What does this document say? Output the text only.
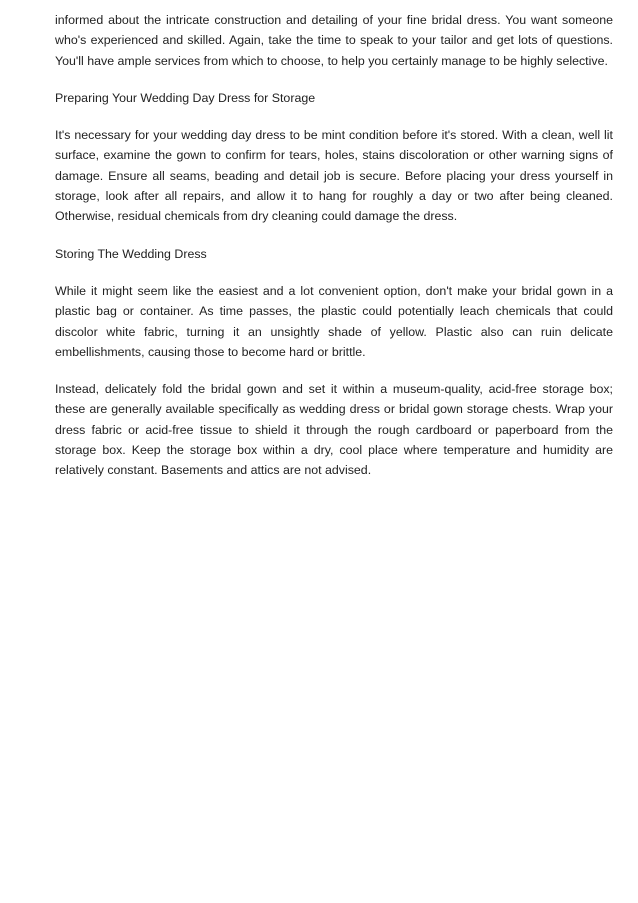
informed about the intricate construction and detailing of your fine bridal dress. You want someone who's experienced and skilled. Again, take the time to speak to your tailor and get lots of questions. You'll have ample services from which to choose, to help you certainly manage to be highly selective.

Preparing Your Wedding Day Dress for Storage

It's necessary for your wedding day dress to be mint condition before it's stored. With a clean, well lit surface, examine the gown to confirm for tears, holes, stains discoloration or other warning signs of damage. Ensure all seams, beading and detail job is secure. Before placing your dress yourself in storage, look after all repairs, and allow it to hang for roughly a day or two after being cleaned. Otherwise, residual chemicals from dry cleaning could damage the dress.

Storing The Wedding Dress

While it might seem like the easiest and a lot convenient option, don't make your bridal gown in a plastic bag or container. As time passes, the plastic could potentially leach chemicals that could discolor white fabric, turning it an unsightly shade of yellow. Plastic also can ruin delicate embellishments, causing those to become hard or brittle.

Instead, delicately fold the bridal gown and set it within a museum-quality, acid-free storage box; these are generally available specifically as wedding dress or bridal gown storage chests. Wrap your dress fabric or acid-free tissue to shield it through the rough cardboard or paperboard from the storage box. Keep the storage box within a dry, cool place where temperature and humidity are relatively constant. Basements and attics are not advised.
